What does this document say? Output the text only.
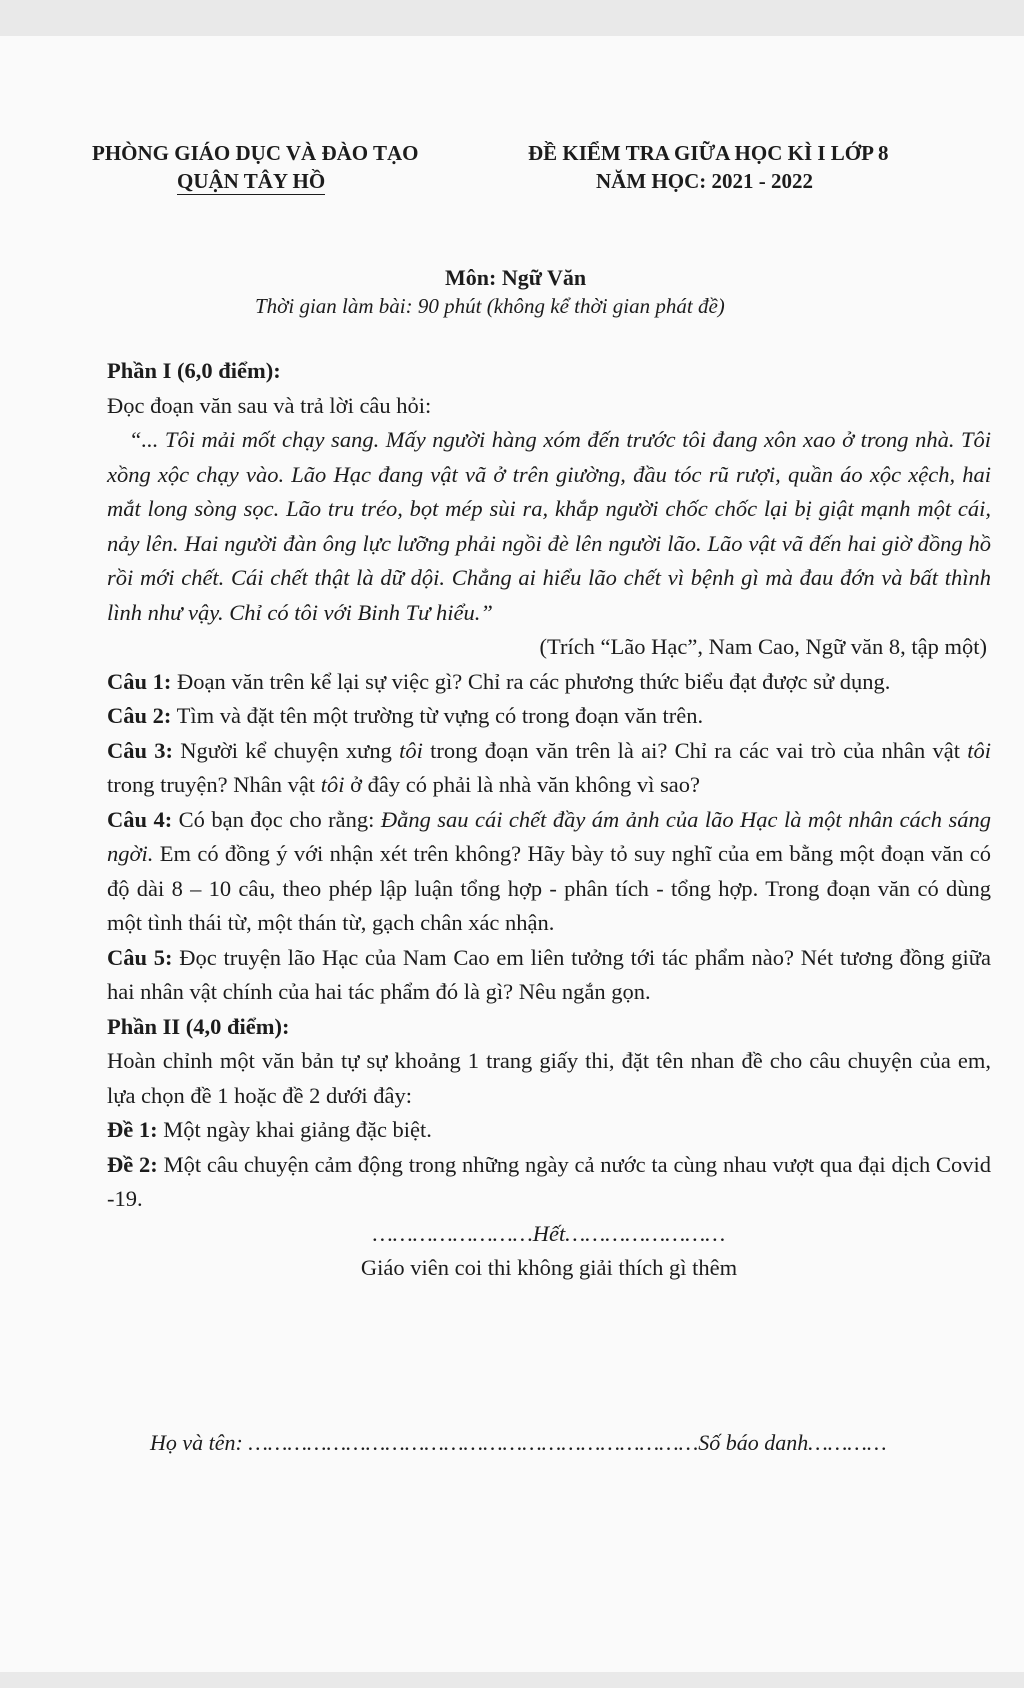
PHÒNG GIÁO DỤC VÀ ĐÀO TẠO
QUẬN TÂY HỒ
ĐỀ KIỂM TRA GIỮA HỌC KÌ I LỚP 8
NĂM HỌC: 2021 - 2022
Môn: Ngữ Văn
Thời gian làm bài: 90 phút (không kể thời gian phát đề)

Phần I (6,0 điểm):

Đọc đoạn văn sau và trả lời câu hỏi:

“... Tôi mải mốt chạy sang. Mấy người hàng xóm đến trước tôi đang xôn xao ở trong nhà. Tôi xồng xộc chạy vào. Lão Hạc đang vật vã ở trên giường, đầu tóc rũ rượi, quần áo xộc xệch, hai mắt long sòng sọc. Lão tru tréo, bọt mép sùi ra, khắp người chốc chốc lại bị giật mạnh một cái, nảy lên. Hai người đàn ông lực lưỡng phải ngồi đè lên người lão. Lão vật vã đến hai giờ đồng hồ rồi mới chết. Cái chết thật là dữ dội. Chẳng ai hiểu lão chết vì bệnh gì mà đau đớn và bất thình lình như vậy. Chỉ có tôi với Binh Tư hiểu.”

(Trích “Lão Hạc”, Nam Cao, Ngữ văn 8, tập một)

Câu 1: Đoạn văn trên kể lại sự việc gì? Chỉ ra các phương thức biểu đạt được sử dụng.

Câu 2: Tìm và đặt tên một trường từ vựng có trong đoạn văn trên.

Câu 3: Người kể chuyện xưng tôi trong đoạn văn trên là ai? Chỉ ra các vai trò của nhân vật tôi trong truyện? Nhân vật tôi ở đây có phải là nhà văn không vì sao?

Câu 4: Có bạn đọc cho rằng: Đằng sau cái chết đầy ám ảnh của lão Hạc là một nhân cách sáng ngời. Em có đồng ý với nhận xét trên không? Hãy bày tỏ suy nghĩ của em bằng một đoạn văn có độ dài 8 – 10 câu, theo phép lập luận tổng hợp - phân tích - tổng hợp. Trong đoạn văn có dùng một tình thái từ, một thán từ, gạch chân xác nhận.

Câu 5: Đọc truyện lão Hạc của Nam Cao em liên tưởng tới tác phẩm nào? Nét tương đồng giữa hai nhân vật chính của hai tác phẩm đó là gì? Nêu ngắn gọn.

Phần II (4,0 điểm):

Hoàn chỉnh một văn bản tự sự khoảng 1 trang giấy thi, đặt tên nhan đề cho câu chuyện của em, lựa chọn đề 1 hoặc đề 2 dưới đây:

Đề 1: Một ngày khai giảng đặc biệt.

Đề 2: Một câu chuyện cảm động trong những ngày cả nước ta cùng nhau vượt qua đại dịch Covid -19.

……………………Hết……………………

Giáo viên coi thi không giải thích gì thêm

Họ và tên: ……………………………………………………………Số báo danh…………
